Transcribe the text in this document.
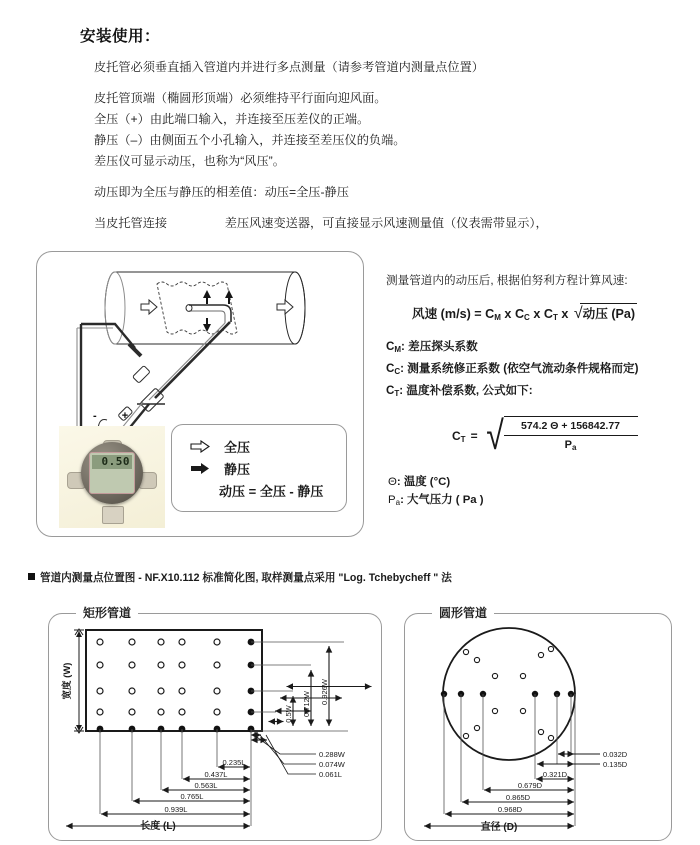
安装使用：
皮托管必须垂直插入管道内并进行多点测量（请参考管道内测量点位置）
皮托管顶端（椭圆形顶端）必须维持平行面向迎风面。
全压（+）由此端口输入，并连接至压差仪的正端。
静压（–）由侧面五个小孔输入，并连接至差压仪的负端。
差压仪可显示动压，也称为“风压”。
动压即为全压与静压的相差值：动压=全压-静压
当皮托管连接                 差压风速变送器，可直接显示风速测量值（仪表需带显示），
- +
0.50
全压
静压
动压 = 全压 - 静压
测量管道内的动压后, 根据伯努利方程计算风速:
风速 $(m/s) = C_M$ x $C_C$ x $C_T$ x √动压 (Pa)
$C_M$: 差压探头系数
$C_C$: 测量系统修正系数 (依空气流动条件规格而定)
$C_T$: 温度补偿系数, 公式如下:
$C_T$ = √ $\frac{574.2 \Theta + 156842.77}{P_a}$
Θ: 温度 (°C)
$P_a$: 大气压力 ( Pa )
管道内测量点位置图 - NF.X10.112 标准简化图, 取样测量点采用 "Log. Tchebycheff " 法
矩形管道
宽度 (W)
0.5W 0.712W 0.926W
0.288W
0.074W
0.061L
0.235L
0.437L
0.563L
0.765L
0.939L
长度 (L)
圆形管道
0.032D
0.135D
0.321D
0.679D
0.865D
0.968D
直径 (D)
